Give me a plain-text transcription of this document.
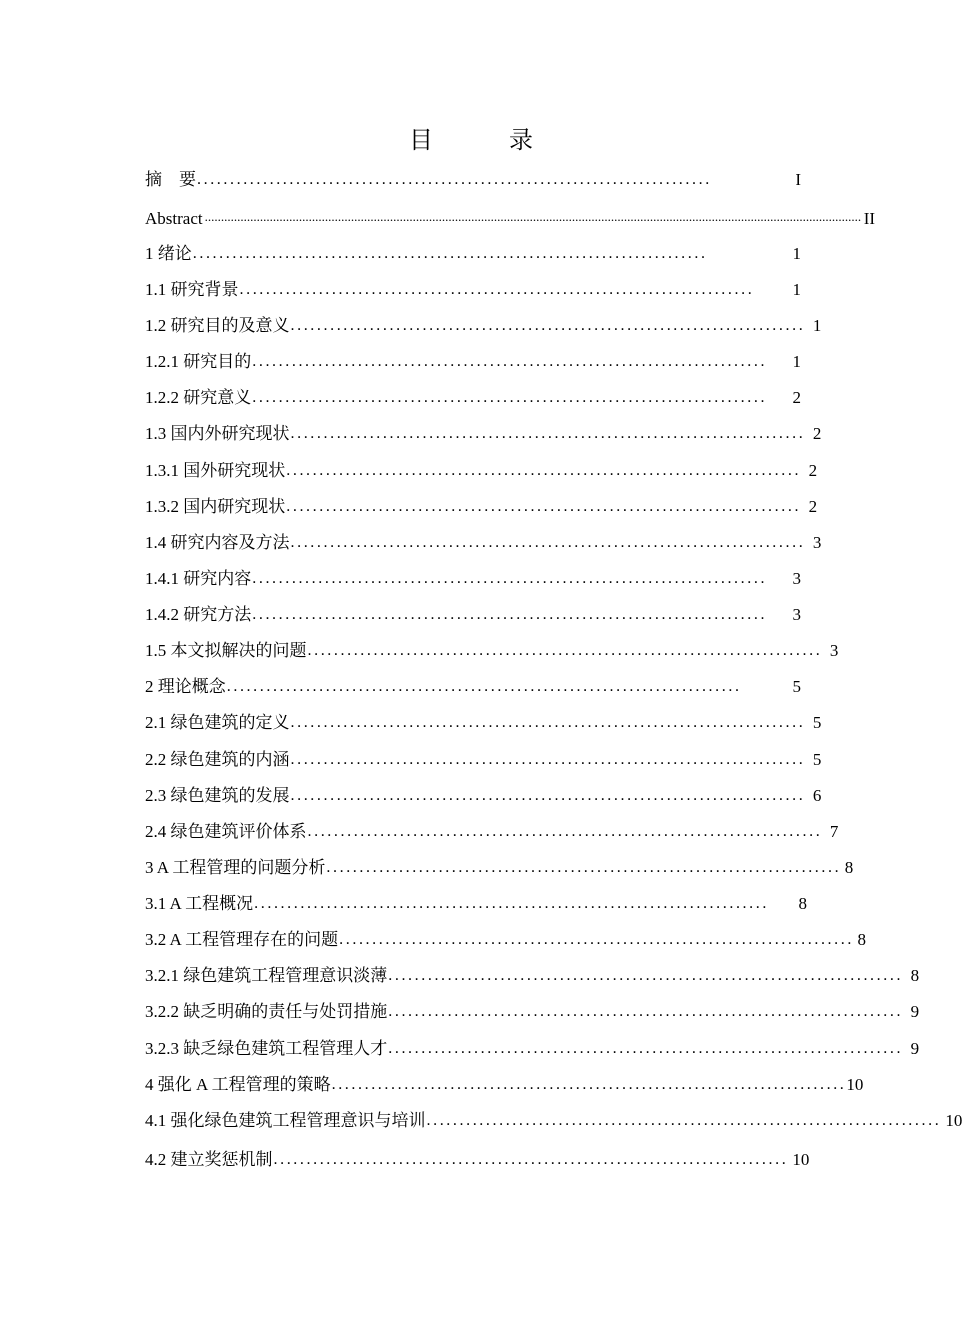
目　录
摘　要 ..............................................................................	I
Abstract .......................................................................................................................................................................................................... II
1 绪论 ..............................................................................	1
1.1 研究背景 ..............................................................................	1
1.2 研究目的及意义 .............................................................................. 1
1.2.1 研究目的 ..............................................................................	1
1.2.2 研究意义 ..............................................................................	2
1.3 国内外研究现状 .............................................................................. 2
1.3.1 国外研究现状 .............................................................................. 2
1.3.2 国内研究现状 .............................................................................. 2
1.4 研究内容及方法 .............................................................................. 3
1.4.1 研究内容 ..............................................................................	3
1.4.2 研究方法 ..............................................................................	3
1.5 本文拟解决的问题 .............................................................................. 3
2 理论概念 ..............................................................................	5
2.1 绿色建筑的定义 .............................................................................. 5
2.2 绿色建筑的内涵 .............................................................................. 5
2.3 绿色建筑的发展 .............................................................................. 6
2.4 绿色建筑评价体系 .............................................................................. 7
3 A 工程管理的问题分析 .............................................................................. 8
3.1 A 工程概况 ..............................................................................	8
3.2 A 工程管理存在的问题 .............................................................................. 8
3.2.1 绿色建筑工程管理意识淡薄 .............................................................................. 8
3.2.2 缺乏明确的责任与处罚措施 .............................................................................. 9
3.2.3 缺乏绿色建筑工程管理人才 .............................................................................. 9
4 强化 A 工程管理的策略 .............................................................................. 10
4.1 强化绿色建筑工程管理意识与培训 .............................................................................. 10
4.2 建立奖惩机制 .............................................................................. 10
